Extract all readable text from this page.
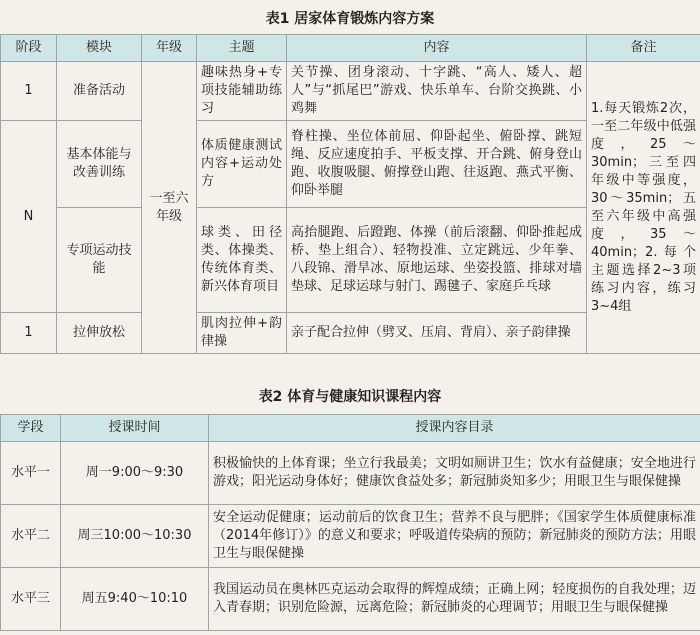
表1 居家体育锻炼内容方案
阶段	模块	年级	主题	内容	备注
1	准备活动	一至六年级	趣味热身+专项技能辅助练习	关节操、团身滚动、十字跳、“高人、矮人、超人”与“抓尾巴”游戏、快乐单车、台阶交换跳、小鸡舞	1.每天锻炼2次，一至二年级中低强度，25～30min；三至四年级中等强度，30～35min；五至六年级中高强度，35～40min；2.每个主题选择2~3项练习内容，练习3~4组
N	基本体能与改善训练		体质健康测试内容+运动处方	脊柱操、坐位体前屈、仰卧起坐、俯卧撑、跳短绳、反应速度拍手、平板支撑、开合跳、俯身登山跑、收腹吸腿、俯撑登山跑、往返跑、燕式平衡、仰卧举腿	
	专项运动技能		球类、田径类、体操类、传统体育类、新兴体育项目	高抬腿跑、后蹬跑、体操（前后滚翻、仰卧推起成桥、垫上组合）、轻物投准、立定跳远、少年拳、八段锦、滑旱冰、原地运球、坐姿投篮、排球对墙垫球、足球运球与射门、踢毽子、家庭乒乓球	
1	拉伸放松		肌肉拉伸+韵律操	亲子配合拉伸（劈叉、压肩、背肩）、亲子韵律操	
表2 体育与健康知识课程内容
学段	授课时间	授课内容目录
水平一	周一9:00～9:30	积极愉快的上体育课；坐立行我最美；文明如厕讲卫生；饮水有益健康；安全地进行游戏；阳光运动身体好；健康饮食益处多；新冠肺炎知多少；用眼卫生与眼保健操
水平二	周三10:00～10:30	安全运动促健康；运动前后的饮食卫生；营养不良与肥胖；《国家学生体质健康标准（2014年修订）》的意义和要求；呼吸道传染病的预防；新冠肺炎的预防方法；用眼卫生与眼保健操
水平三	周五9:40～10:10	我国运动员在奥林匹克运动会取得的辉煌成绩；正确上网；轻度损伤的自我处理；迈入青春期；识别危险源，远离危险；新冠肺炎的心理调节；用眼卫生与眼保健操
